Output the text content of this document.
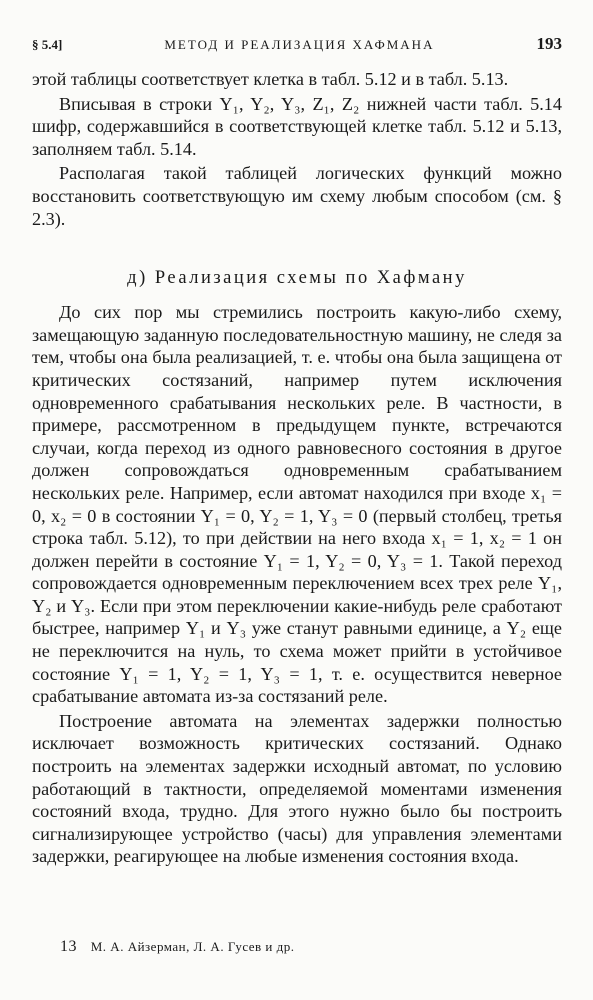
§ 5.4]	МЕТОД И РЕАЛИЗАЦИЯ ХАФМАНА	193

этой таблицы соответствует клетка в табл. 5.12 и в табл. 5.13.

Вписывая в строки Y₁, Y₂, Y₃, Z₁, Z₂ нижней части табл. 5.14 шифр, содержавшийся в соответствующей клетке табл. 5.12 и 5.13, заполняем табл. 5.14.

Располагая такой таблицей логических функций можно восстановить соответствующую им схему любым способом (см. § 2.3).

д) Реализация схемы по Хафману

До сих пор мы стремились построить какую-либо схему, замещающую заданную последовательностную машину, не следя за тем, чтобы она была реализацией, т. е. чтобы она была защищена от критических состязаний, например путем исключения одновременного срабатывания нескольких реле. В частности, в примере, рассмотренном в предыдущем пункте, встречаются случаи, когда переход из одного равновесного состояния в другое должен сопровождаться одновременным срабатыванием нескольких реле. Например, если автомат находился при входе x₁ = 0, x₂ = 0 в состоянии Y₁ = 0, Y₂ = 1, Y₃ = 0 (первый столбец, третья строка табл. 5.12), то при действии на него входа x₁ = 1, x₂ = 1 он должен перейти в состояние Y₁ = 1, Y₂ = 0, Y₃ = 1. Такой переход сопровождается одновременным переключением всех трех реле Y₁, Y₂ и Y₃. Если при этом переключении какие-нибудь реле сработают быстрее, например Y₁ и Y₃ уже станут равными единице, а Y₂ еще не переключится на нуль, то схема может прийти в устойчивое состояние Y₁ = 1, Y₂ = 1, Y₃ = 1, т. е. осуществится неверное срабатывание автомата из-за состязаний реле.

Построение автомата на элементах задержки полностью исключает возможность критических состязаний. Однако построить на элементах задержки исходный автомат, по условию работающий в тактности, определяемой моментами изменения состояний входа, трудно. Для этого нужно было бы построить сигнализирующее устройство (часы) для управления элементами задержки, реагирующее на любые изменения состояния входа.

13 М. А. Айзерман, Л. А. Гусев и др.
